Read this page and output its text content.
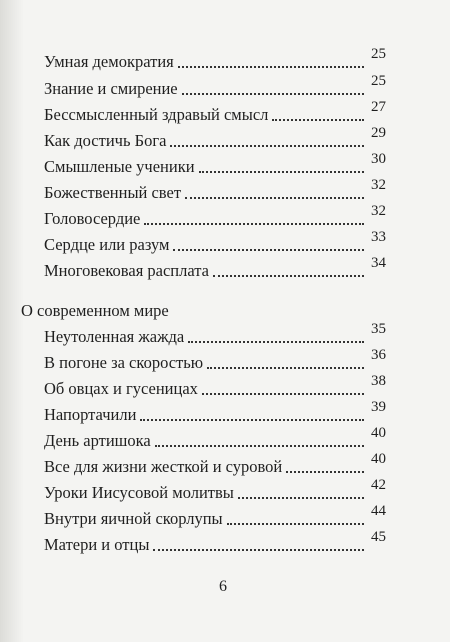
Умная демократия	25
Знание и смирение	25
Бессмысленный здравый смысл	27
Как достичь Бога	29
Смышленые ученики	30
Божественный свет	32
Головосердие	32
Сердце или разум	33
Многовековая расплата	34
О современном мире
Неутоленная жажда	35
В погоне за скоростью	36
Об овцах и гусеницах	38
Напортачили	39
День артишока	40
Все для жизни жесткой и суровой	40
Уроки Иисусовой молитвы	42
Внутри яичной скорлупы	44
Матери и отцы	45
6
